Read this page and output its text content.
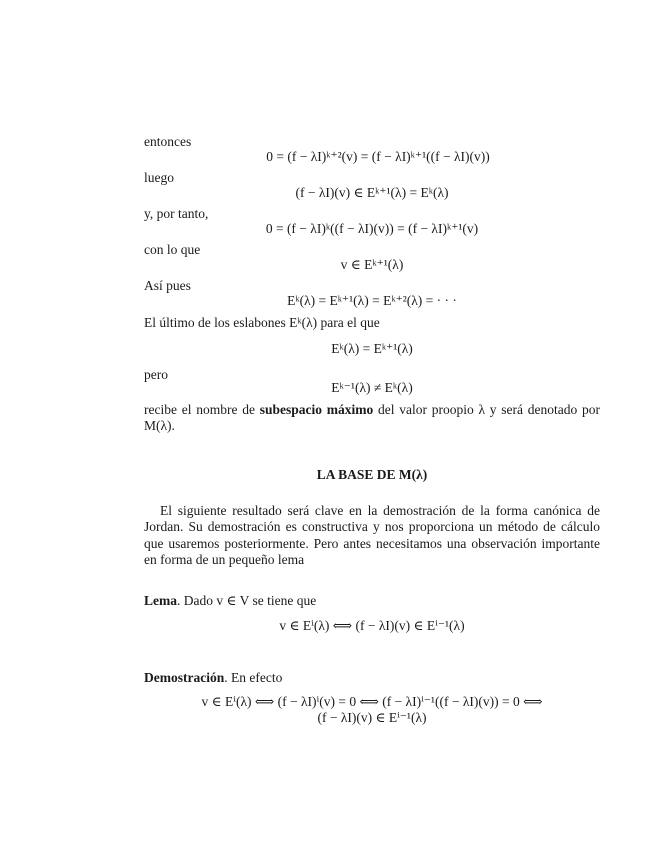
entonces
0 = (f − λI)ᵏ⁺²(v) = (f − λI)ᵏ⁺¹((f − λI)(v))
luego
(f − λI)(v) ∈ Eᵏ⁺¹(λ) = Eᵏ(λ)
y, por tanto,
0 = (f − λI)ᵏ((f − λI)(v)) = (f − λI)ᵏ⁺¹(v)
con lo que
v ∈ Eᵏ⁺¹(λ)
Así pues
Eᵏ(λ) = Eᵏ⁺¹(λ) = Eᵏ⁺²(λ) = · · ·
El último de los eslabones Eᵏ(λ) para el que
Eᵏ(λ) = Eᵏ⁺¹(λ)
pero
Eᵏ⁻¹(λ) ≠ Eᵏ(λ)
recibe el nombre de subespacio máximo del valor proopio λ y será denotado por M(λ).
LA BASE DE M(λ)
El siguiente resultado será clave en la demostración de la forma canónica de Jordan. Su demostración es constructiva y nos proporciona un método de cálculo que usaremos posteriormente. Pero antes necesitamos una observación importante en forma de un pequeño lema
Lema. Dado v ∈ V se tiene que
v ∈ Eⁱ(λ) ⟺ (f − λI)(v) ∈ Eⁱ⁻¹(λ)
Demostración. En efecto
v ∈ Eⁱ(λ) ⟺ (f − λI)ⁱ(v) = 0 ⟺ (f − λI)ⁱ⁻¹((f − λI)(v)) = 0 ⟺
(f − λI)(v) ∈ Eⁱ⁻¹(λ)
